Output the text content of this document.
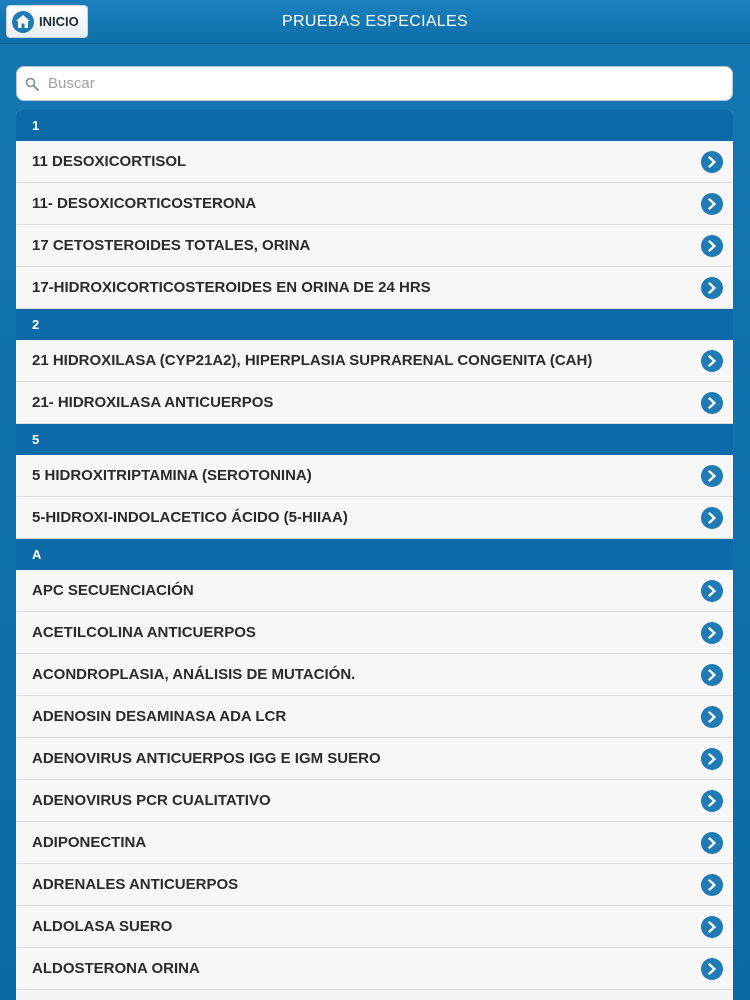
INICIO	PRUEBAS ESPECIALES
Buscar
1
11 DESOXICORTISOL
11- DESOXICORTICOSTERONA
17 CETOSTEROIDES TOTALES, ORINA
17-HIDROXICORTICOSTEROIDES EN ORINA DE 24 HRS
2
21 HIDROXILASA (CYP21A2), HIPERPLASIA SUPRARENAL CONGENITA (CAH)
21- HIDROXILASA ANTICUERPOS
5
5 HIDROXITRIPTAMINA (SEROTONINA)
5-HIDROXI-INDOLACETICO ÁCIDO (5-HIIAA)
A
APC SECUENCIACIÓN
ACETILCOLINA ANTICUERPOS
ACONDROPLASIA, ANÁLISIS DE MUTACIÓN.
ADENOSIN DESAMINASA ADA LCR
ADENOVIRUS ANTICUERPOS IGG E IGM SUERO
ADENOVIRUS PCR CUALITATIVO
ADIPONECTINA
ADRENALES ANTICUERPOS
ALDOLASA SUERO
ALDOSTERONA ORINA
